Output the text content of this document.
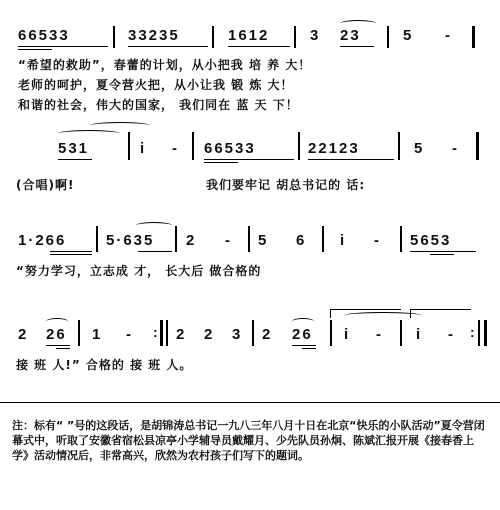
66533	33235	1612	3 23	5 -
“希望的救助”，春蕾的计划，从小把我 培 养 大！
老师的呵护，夏令营火把，从小让我 锻 炼 大！
和谐的社会，伟大的国家， 我们同在 蓝 天 下！
531	i - 66533	22123	5 -
(合唱)啊!	我们要牢记 胡总书记的 话:
1·266	5·635 2 - 5 6 i - 5653
“努力学习，立志成 才， 长大后 做合格的
2 26 1 - : 2 2 3 2 26 i - i - :
接 班 人!” 合格的 接 班 人。
注：标有“ ”号的这段话，是胡锦涛总书记一九八三年八月十日在北京“快乐的小队活动”夏令营闭幕式中，听取了安徽省宿松县凉亭小学辅导员戴耀月、少先队员孙炯、陈斌汇报开展《接春香上学》活动情况后，非常高兴，欣然为农村孩子们写下的题词。
